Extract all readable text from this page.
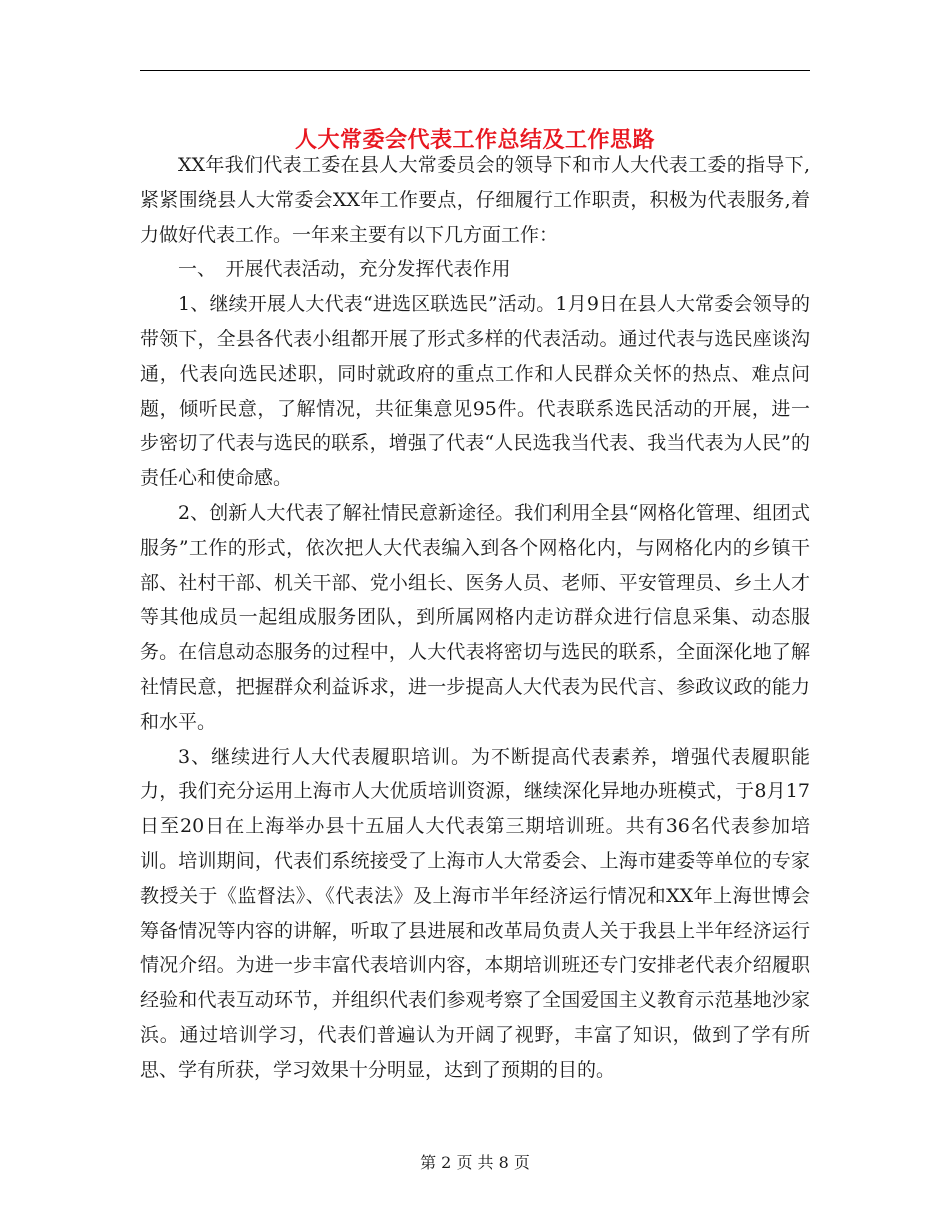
人大常委会代表工作总结及工作思路

XX年我们代表工委在县人大常委员会的领导下和市人大代表工委的指导下,紧紧围绕县人大常委会XX年工作要点，仔细履行工作职责，积极为代表服务,着力做好代表工作。一年来主要有以下几方面工作：

一、　开展代表活动，充分发挥代表作用

1、继续开展人大代表“进选区联选民”活动。1月9日在县人大常委会领导的带领下，全县各代表小组都开展了形式多样的代表活动。通过代表与选民座谈沟通，代表向选民述职，同时就政府的重点工作和人民群众关怀的热点、难点问题，倾听民意，了解情况，共征集意见95件。代表联系选民活动的开展，进一步密切了代表与选民的联系，增强了代表“人民选我当代表、我当代表为人民”的责任心和使命感。

2、创新人大代表了解社情民意新途径。我们利用全县“网格化管理、组团式服务”工作的形式，依次把人大代表编入到各个网格化内，与网格化内的乡镇干部、社村干部、机关干部、党小组长、医务人员、老师、平安管理员、乡土人才等其他成员一起组成服务团队，到所属网格内走访群众进行信息采集、动态服务。在信息动态服务的过程中，人大代表将密切与选民的联系，全面深化地了解社情民意，把握群众利益诉求，进一步提高人大代表为民代言、参政议政的能力和水平。

3、继续进行人大代表履职培训。为不断提高代表素养，增强代表履职能力，我们充分运用上海市人大优质培训资源，继续深化异地办班模式，于8月17日至20日在上海举办县十五届人大代表第三期培训班。共有36名代表参加培训。培训期间，代表们系统接受了上海市人大常委会、上海市建委等单位的专家教授关于《监督法》、《代表法》及上海市半年经济运行情况和XX年上海世博会筹备情况等内容的讲解，听取了县进展和改革局负责人关于我县上半年经济运行情况介绍。为进一步丰富代表培训内容，本期培训班还专门安排老代表介绍履职经验和代表互动环节，并组织代表们参观考察了全国爱国主义教育示范基地沙家浜。通过培训学习，代表们普遍认为开阔了视野，丰富了知识，做到了学有所思、学有所获，学习效果十分明显，达到了预期的目的。

第 2 页 共 8 页
